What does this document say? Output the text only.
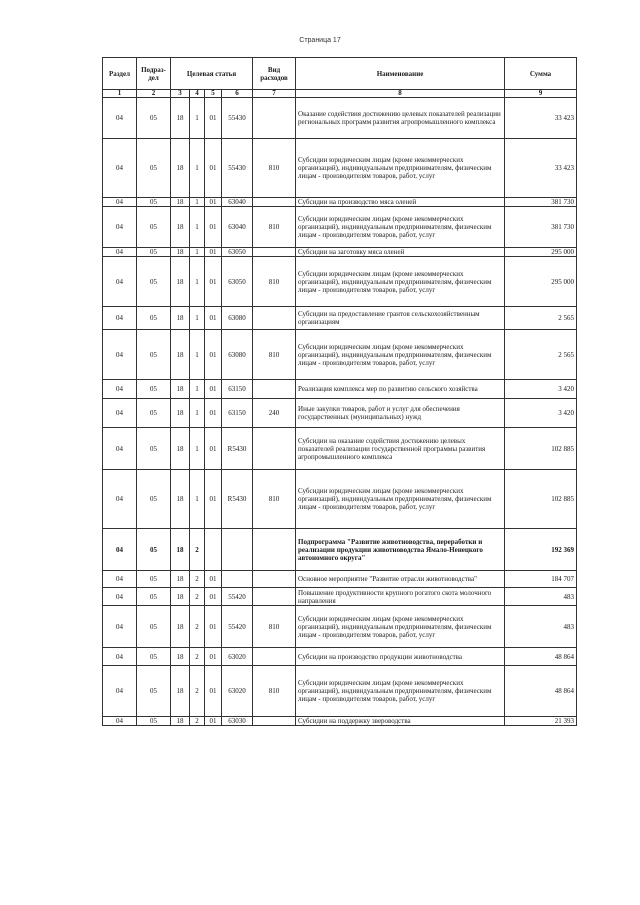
Страница 17
Раздел	Подраз-дел	Целевая статья				Вид расходов	Наименование	Сумма
1	2	3	4	5	6	7	8	9
04	05	18	1	01	55430		Оказание содействия достижению целевых показателей реализации региональных программ развития агропромышленного комплекса	33 423
04	05	18	1	01	55430	810	Субсидии юридическим лицам (кроме некоммерческих организаций), индивидуальным предпринимателям, физическим лицам - производителям товаров, работ, услуг	33 423
04	05	18	1	01	63040		Субсидии на производство мяса оленей	381 730
04	05	18	1	01	63040	810	Субсидии юридическим лицам (кроме некоммерческих организаций), индивидуальным предпринимателям, физическим лицам - производителям товаров, работ, услуг	381 730
04	05	18	1	01	63050		Субсидии на заготовку мяса оленей	295 000
04	05	18	1	01	63050	810	Субсидии юридическим лицам (кроме некоммерческих организаций), индивидуальным предпринимателям, физическим лицам - производителям товаров, работ, услуг	295 000
04	05	18	1	01	63080		Субсидии на предоставление грантов сельскохозяйственным организациям	2 565
04	05	18	1	01	63080	810	Субсидии юридическим лицам (кроме некоммерческих организаций), индивидуальным предпринимателям, физическим лицам - производителям товаров, работ, услуг	2 565
04	05	18	1	01	63150		Реализация комплекса мер по развитию сельского хозяйства	3 420
04	05	18	1	01	63150	240	Иные закупки товаров, работ и услуг для обеспечения государственных (муниципальных) нужд	3 420
04	05	18	1	01	R5430		Субсидии на оказание содействия достижению целевых показателей реализации государственной программы развития агропромышленного комплекса	102 885
04	05	18	1	01	R5430	810	Субсидии юридическим лицам (кроме некоммерческих организаций), индивидуальным предпринимателям, физическим лицам - производителям товаров, работ, услуг	102 885
04	05	18	2				Подпрограмма "Развитие животноводства, переработки и реализации продукции животноводства Ямало-Ненецкого автономного округа"	192 369
04	05	18	2	01			Основное мероприятие "Развитие отрасли животноводства"	184 707
04	05	18	2	01	55420		Повышение продуктивности крупного рогатого скота молочного направления	483
04	05	18	2	01	55420	810	Субсидии юридическим лицам (кроме некоммерческих организаций), индивидуальным предпринимателям, физическим лицам - производителям товаров, работ, услуг	483
04	05	18	2	01	63020		Субсидии на производство продукции животноводства	48 864
04	05	18	2	01	63020	810	Субсидии юридическим лицам (кроме некоммерческих организаций), индивидуальным предпринимателям, физическим лицам - производителям товаров, работ, услуг	48 864
04	05	18	2	01	63030		Субсидии на поддержку звероводства	21 393
